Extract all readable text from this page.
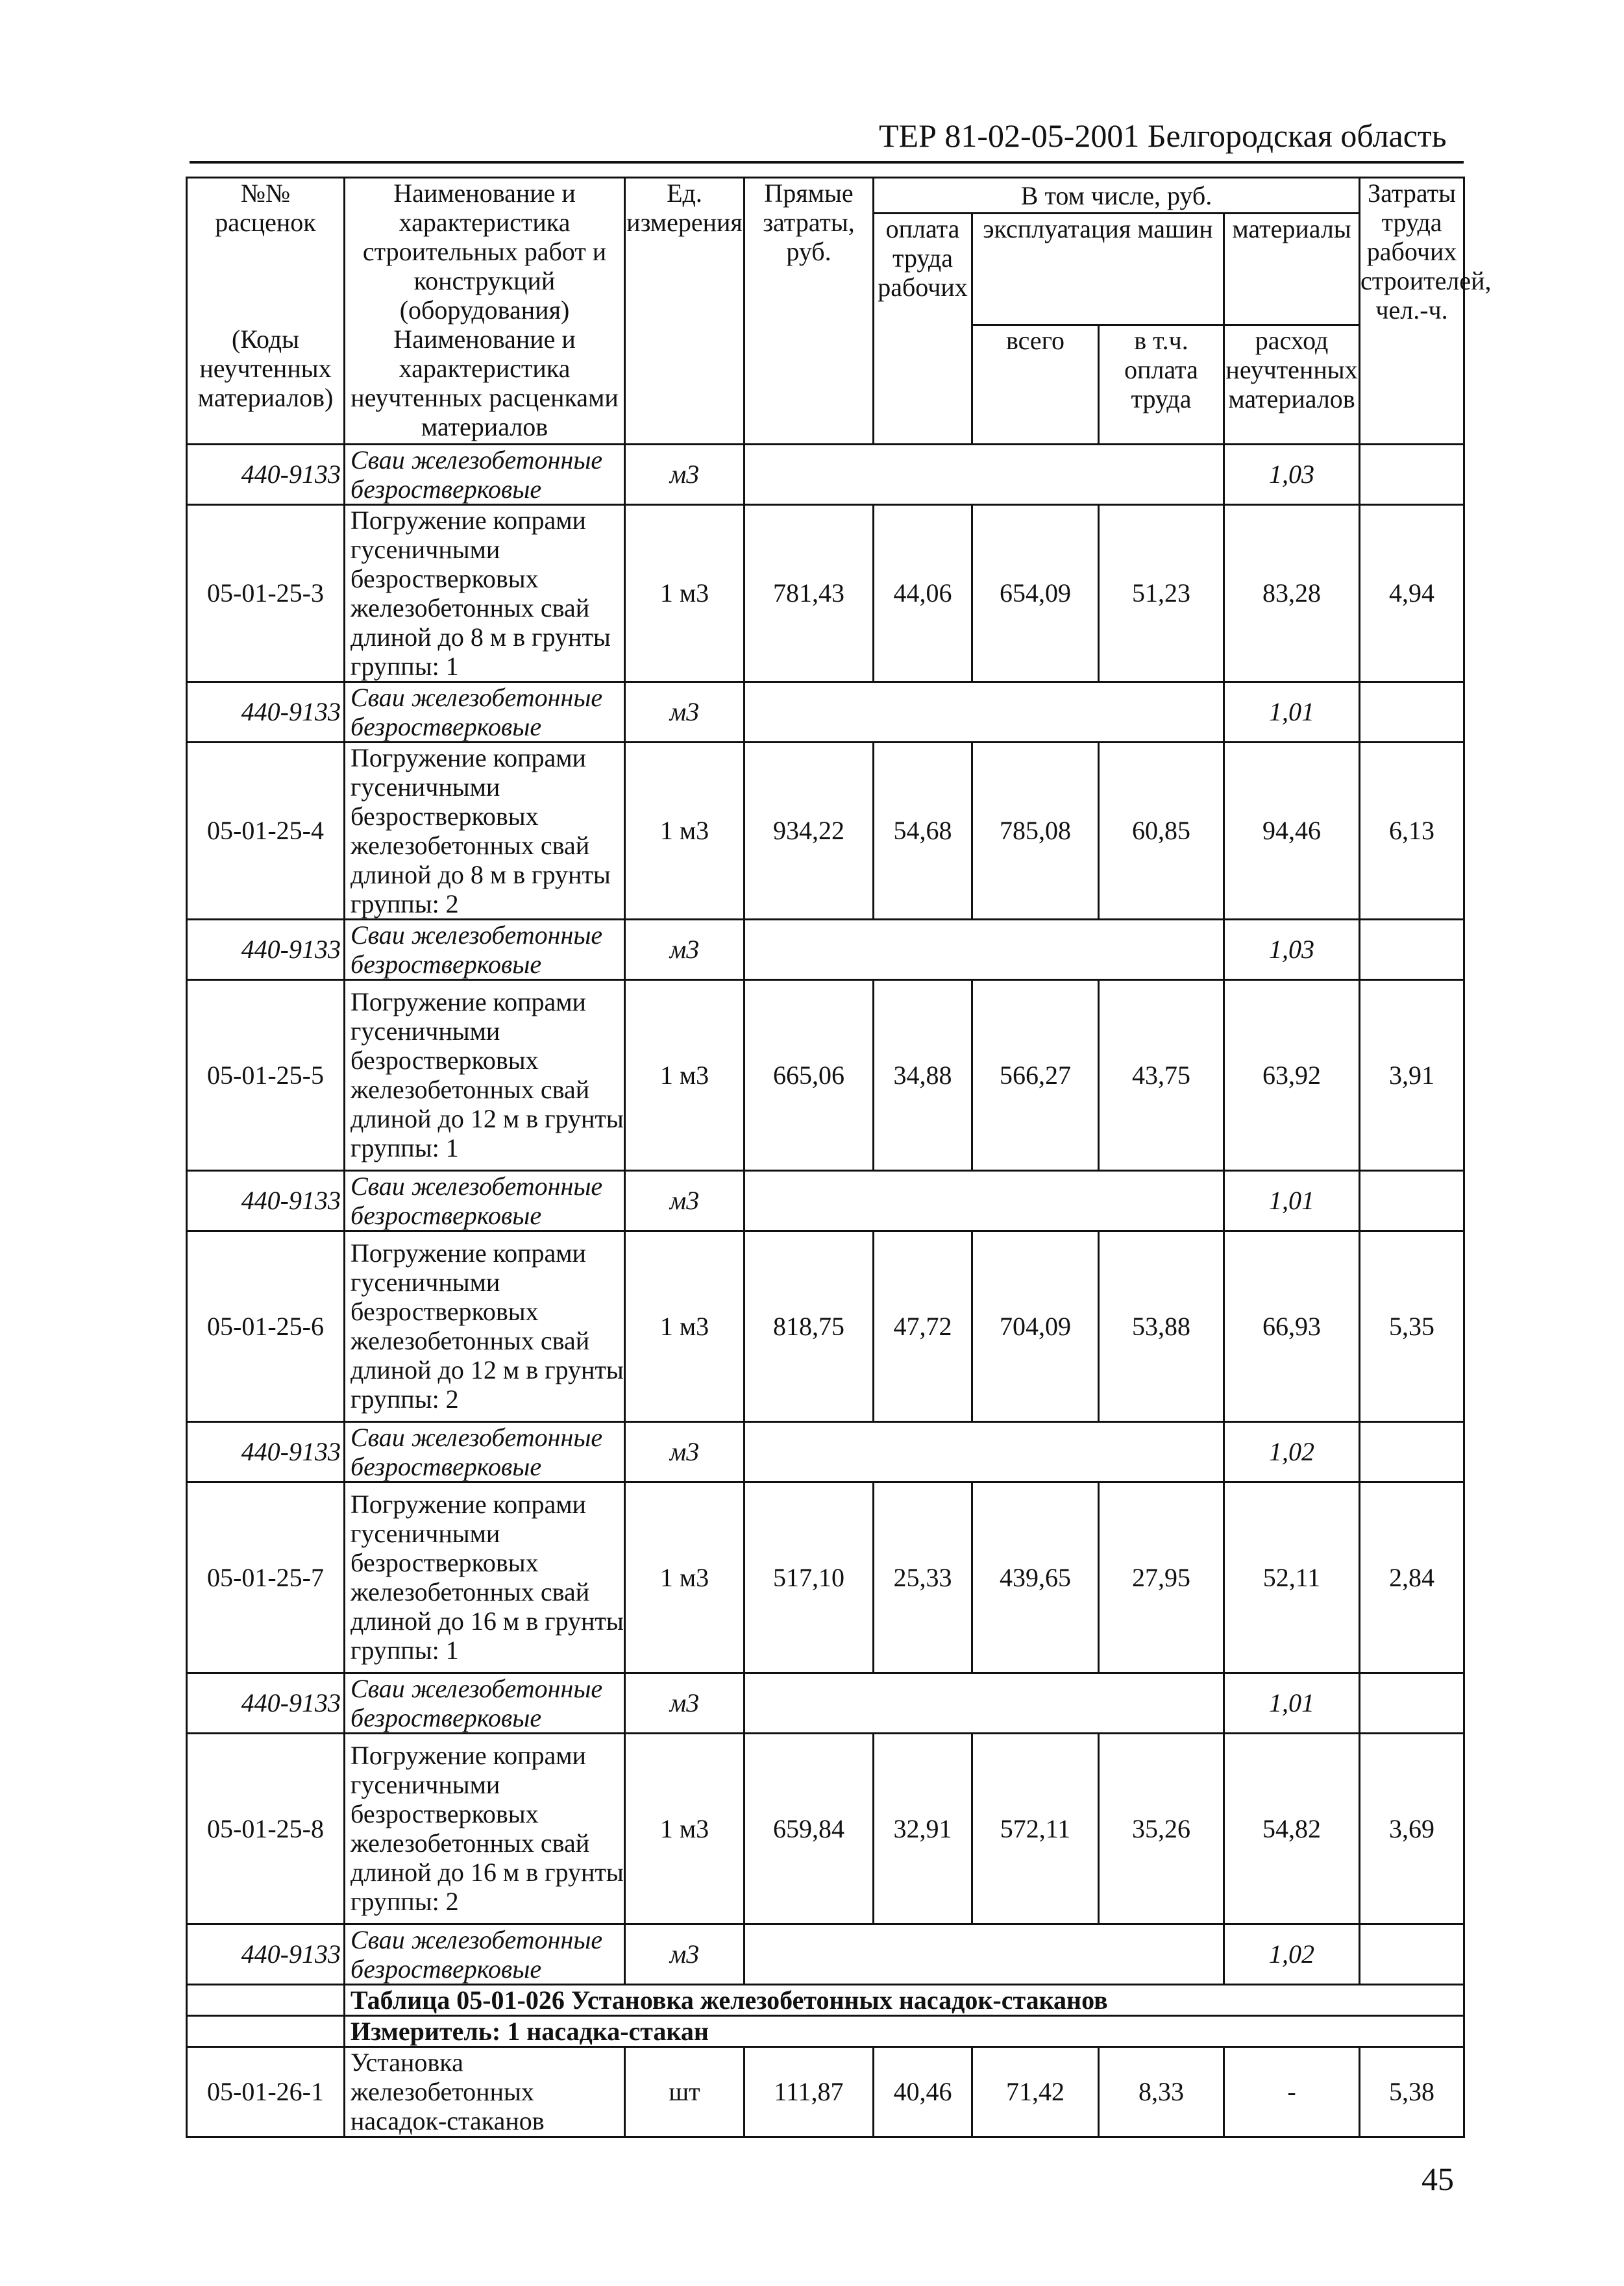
ТЕР 81-02-05-2001 Белгородская область
№№ расценок	Наименование и характеристика строительных работ и конструкций (оборудования)	Ед. измерения	Прямые затраты, руб.	В том числе, руб.				Затраты труда рабочих строителей, чел.-ч.
				оплата труда рабочих	эксплуатация машин		материалы	
(Коды неучтенных материалов)	Наименование и характеристика неучтенных расценками материалов				всего	в т.ч. оплата труда	расход неучтенных материалов	

440-9133	Сваи железобетонные безростверковые	м3					1,03	
05-01-25-3	Погружение копрами гусеничными безростверковых железобетонных свай длиной до 8 м в грунты группы: 1	1 м3	781,43	44,06	654,09	51,23	83,28	4,94
440-9133	Сваи железобетонные безростверковые	м3					1,01	
05-01-25-4	Погружение копрами гусеничными безростверковых железобетонных свай длиной до 8 м в грунты группы: 2	1 м3	934,22	54,68	785,08	60,85	94,46	6,13
440-9133	Сваи железобетонные безростверковые	м3					1,03	
05-01-25-5	Погружение копрами гусеничными безростверковых железобетонных свай длиной до 12 м в грунты группы: 1	1 м3	665,06	34,88	566,27	43,75	63,92	3,91
440-9133	Сваи железобетонные безростверковые	м3					1,01	
05-01-25-6	Погружение копрами гусеничными безростверковых железобетонных свай длиной до 12 м в грунты группы: 2	1 м3	818,75	47,72	704,09	53,88	66,93	5,35
440-9133	Сваи железобетонные безростверковые	м3					1,02	
05-01-25-7	Погружение копрами гусеничными безростверковых железобетонных свай длиной до 16 м в грунты группы: 1	1 м3	517,10	25,33	439,65	27,95	52,11	2,84
440-9133	Сваи железобетонные безростверковые	м3					1,01	
05-01-25-8	Погружение копрами гусеничными безростверковых железобетонных свай длиной до 16 м в грунты группы: 2	1 м3	659,84	32,91	572,11	35,26	54,82	3,69
440-9133	Сваи железобетонные безростверковые	м3					1,02	
	Таблица 05-01-026 Установка железобетонных насадок-стаканов							
	Измеритель: 1 насадка-стакан							
05-01-26-1	Установка железобетонных насадок-стаканов	шт	111,87	40,46	71,42	8,33	-	5,38
45
